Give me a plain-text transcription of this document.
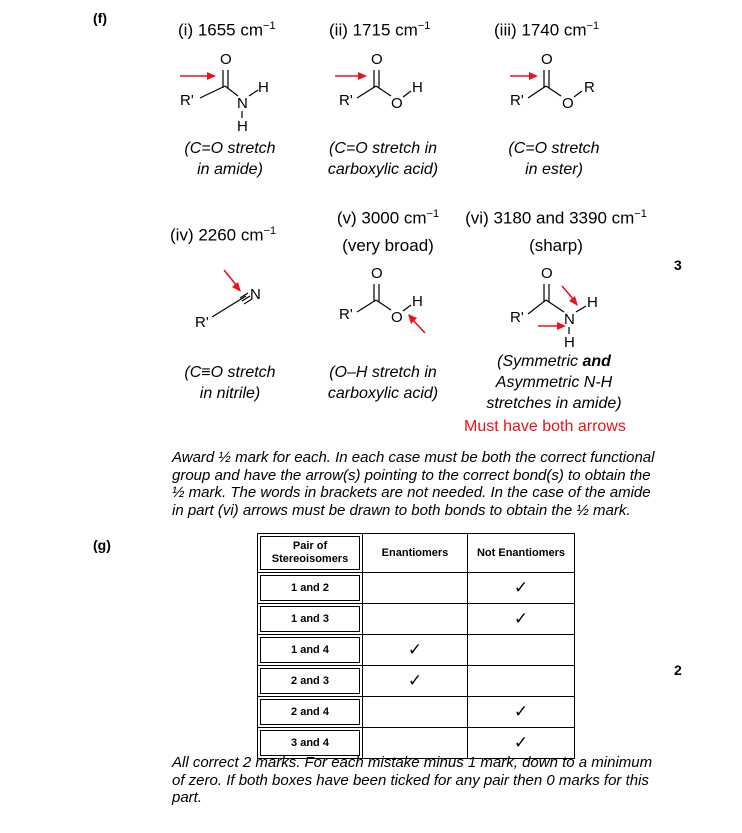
(f)
(i) 1655 $cm^{-1}$	(ii) 1715 $cm^{-1}$	(iii) 1740 $cm^{-1}$
O
R'	N
H
H
O
R'	O
H
O
R'	O
R
(C=O stretch
in amide)
(C=O stretch in
carboxylic acid)
(C=O stretch
in ester)
(iv) 2260 $cm^{-1}$
(v) 3000 $cm^{-1}$
(very broad)
(vi) 3180 and 3390 $cm^{-1}$
(sharp)
3
R'
N
O
R'	O
H
O
R'	N
H
H
(C≡O stretch
in nitrile)
(O–H stretch in
carboxylic acid)
(Symmetric and
Asymmetric N-H
stretches in amide)
Must have both arrows
Award ½ mark for each. In each case must be both the correct functional
group and have the arrow(s) pointing to the correct bond(s) to obtain the
½ mark. The words in brackets are not needed. In the case of the amide
in part (vi) arrows must be drawn to both bonds to obtain the ½ mark.
(g)	Pair of Stereoisomers	Enantiomers	Not Enantiomers

1 and 2		✓

1 and 3		✓

1 and 4	✓	

2 and 3	✓	

2 and 4		✓

3 and 4		✓
2
All correct 2 marks. For each mistake minus 1 mark, down to a minimum
of zero. If both boxes have been ticked for any pair then 0 marks for this
part.
